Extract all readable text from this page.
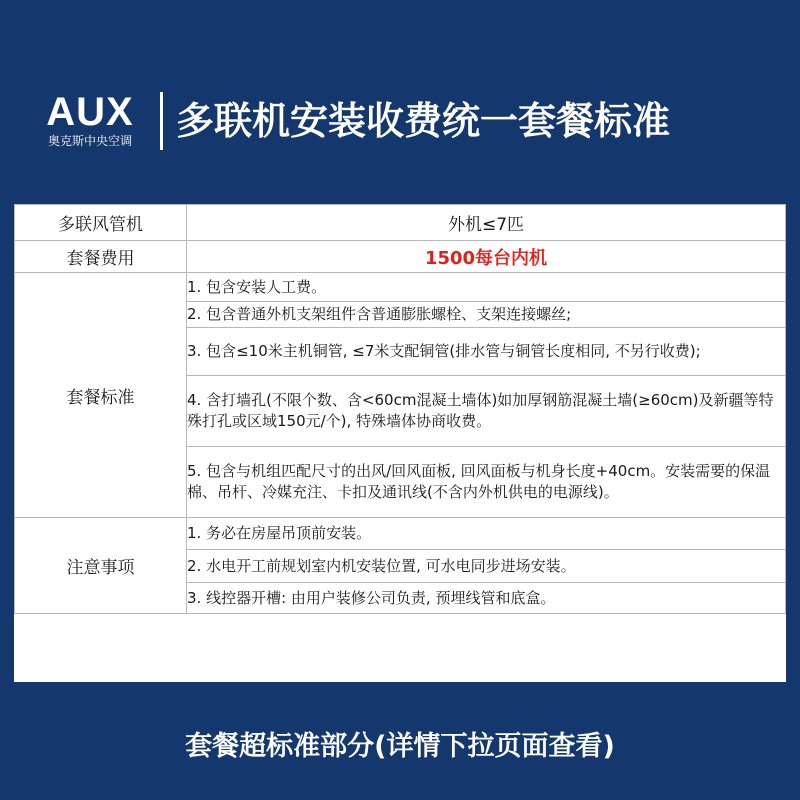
AUX
奥克斯中央空调	多联机安装收费统一套餐标准
多联风管机	外机≤7匹
套餐费用	1500每台内机
套餐标准	1. 包含安装人工费。
	2. 包含普通外机支架组件含普通膨胀螺栓、支架连接螺丝;
	3. 包含≤10米主机铜管, ≤7米支配铜管(排水管与铜管长度相同, 不另行收费);
	4. 含打墙孔(不限个数、含<60cm混凝土墙体)如加厚钢筋混凝土墙(≥60cm)及新疆等特殊打孔或区域150元/个), 特殊墙体协商收费。
	5. 包含与机组匹配尺寸的出风/回风面板, 回风面板与机身长度+40cm。安装需要的保温棉、吊杆、冷媒充注、卡扣及通讯线(不含内外机供电的电源线)。
注意事项	1. 务必在房屋吊顶前安装。
	2. 水电开工前规划室内机安装位置, 可水电同步进场安装。
	3. 线控器开槽: 由用户装修公司负责, 预埋线管和底盒。
套餐超标准部分(详情下拉页面查看)
